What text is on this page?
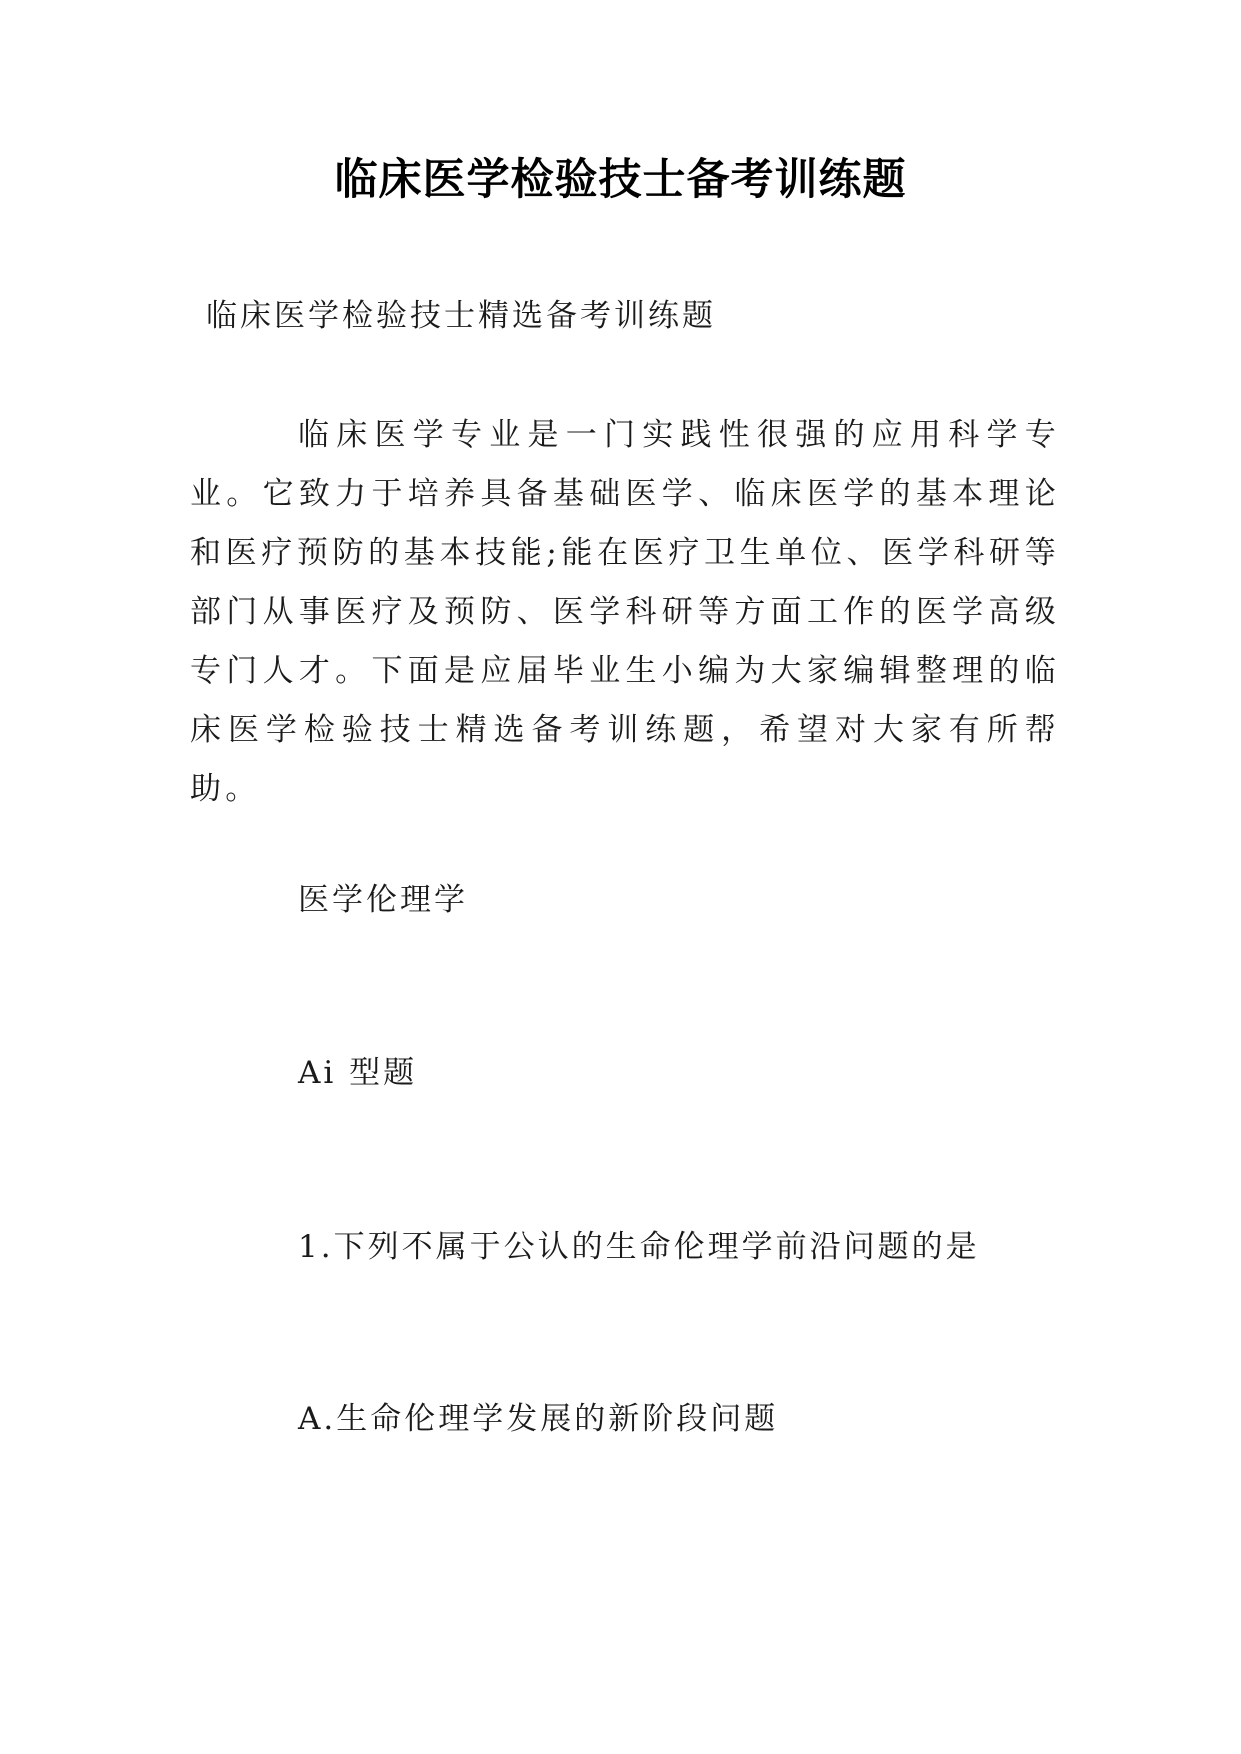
临床医学检验技士备考训练题
临床医学检验技士精选备考训练题
临床医学专业是一门实践性很强的应用科学专业。它致力于培养具备基础医学、临床医学的基本理论和医疗预防的基本技能;能在医疗卫生单位、医学科研等部门从事医疗及预防、医学科研等方面工作的医学高级专门人才。下面是应届毕业生小编为大家编辑整理的临床医学检验技士精选备考训练题，希望对大家有所帮助。
医学伦理学
Ai 型题
1.下列不属于公认的生命伦理学前沿问题的是
A.生命伦理学发展的新阶段问题
